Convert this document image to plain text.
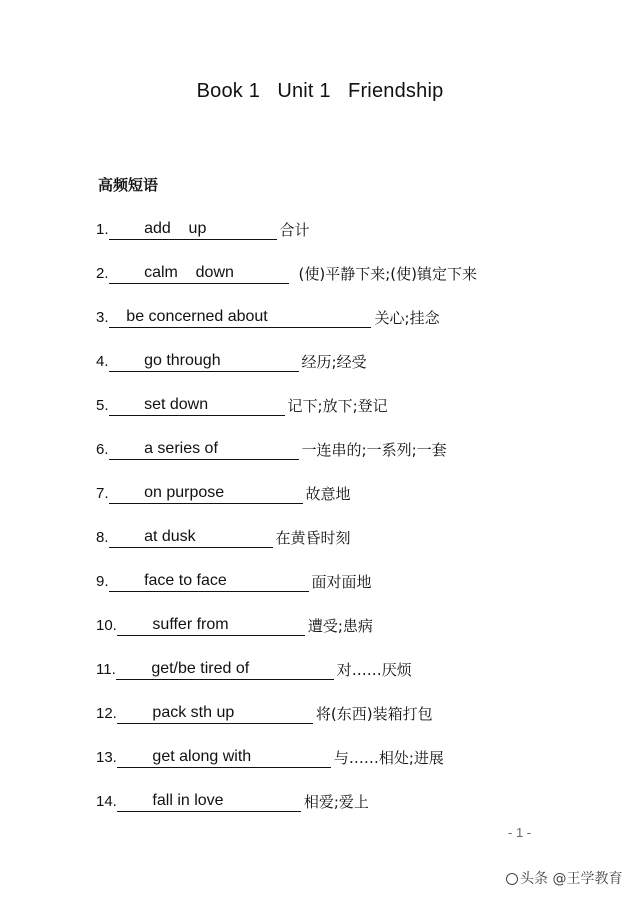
Book 1   Unit 1   Friendship
高频短语
1. add    up	合计
2. calm    down	(使)平静下来;(使)镇定下来
3. be concerned about	关心;挂念
4. go through	经历;经受
5. set down	记下;放下;登记
6. a series of	一连串的;一系列;一套
7. on purpose	故意地
8. at dusk	在黄昏时刻
9. face to face	面对面地
10. suffer from	遭受;患病
11. get/be tired of	对……厌烦
12. pack sth up	将(东西)装箱打包
13. get along with	与……相处;进展
14. fall in love	相爱;爱上
- 1 -
头条 @王学教育
